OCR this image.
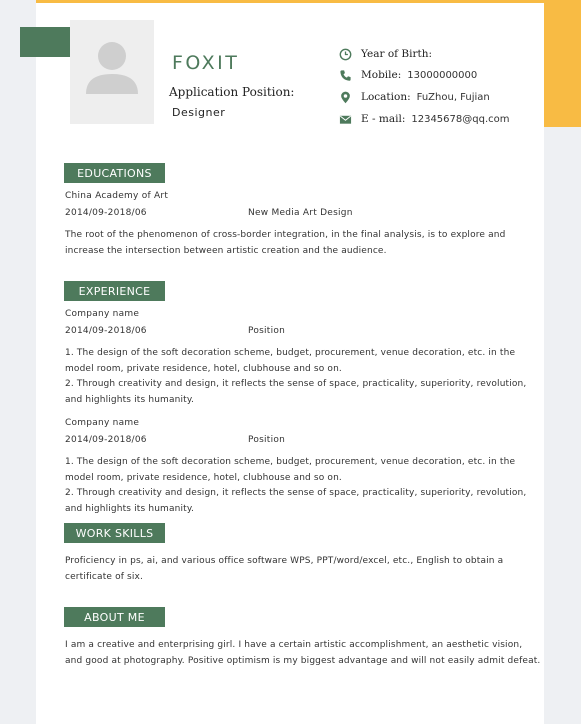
FOXIT
Application Position:
Designer
Year of Birth:
Mobile: 13000000000
Location: FuZhou, Fujian
E - mail: 12345678@qq.com
EDUCATIONS
China Academy of Art
2014/09-2018/06	New Media Art Design
The root of the phenomenon of cross-border integration, in the final analysis, is to explore and
increase the intersection between artistic creation and the audience.
EXPERIENCE
Company name
2014/09-2018/06	Position
1. The design of the soft decoration scheme, budget, procurement, venue decoration, etc. in the
model room, private residence, hotel, clubhouse and so on.
2. Through creativity and design, it reflects the sense of space, practicality, superiority, revolution,
and highlights its humanity.
Company name
2014/09-2018/06	Position
1. The design of the soft decoration scheme, budget, procurement, venue decoration, etc. in the
model room, private residence, hotel, clubhouse and so on.
2. Through creativity and design, it reflects the sense of space, practicality, superiority, revolution,
and highlights its humanity.
WORK SKILLS
Proficiency in ps, ai, and various office software WPS, PPT/word/excel, etc., English to obtain a
certificate of six.
ABOUT ME
I am a creative and enterprising girl. I have a certain artistic accomplishment, an aesthetic vision,
and good at photography. Positive optimism is my biggest advantage and will not easily admit defeat.
